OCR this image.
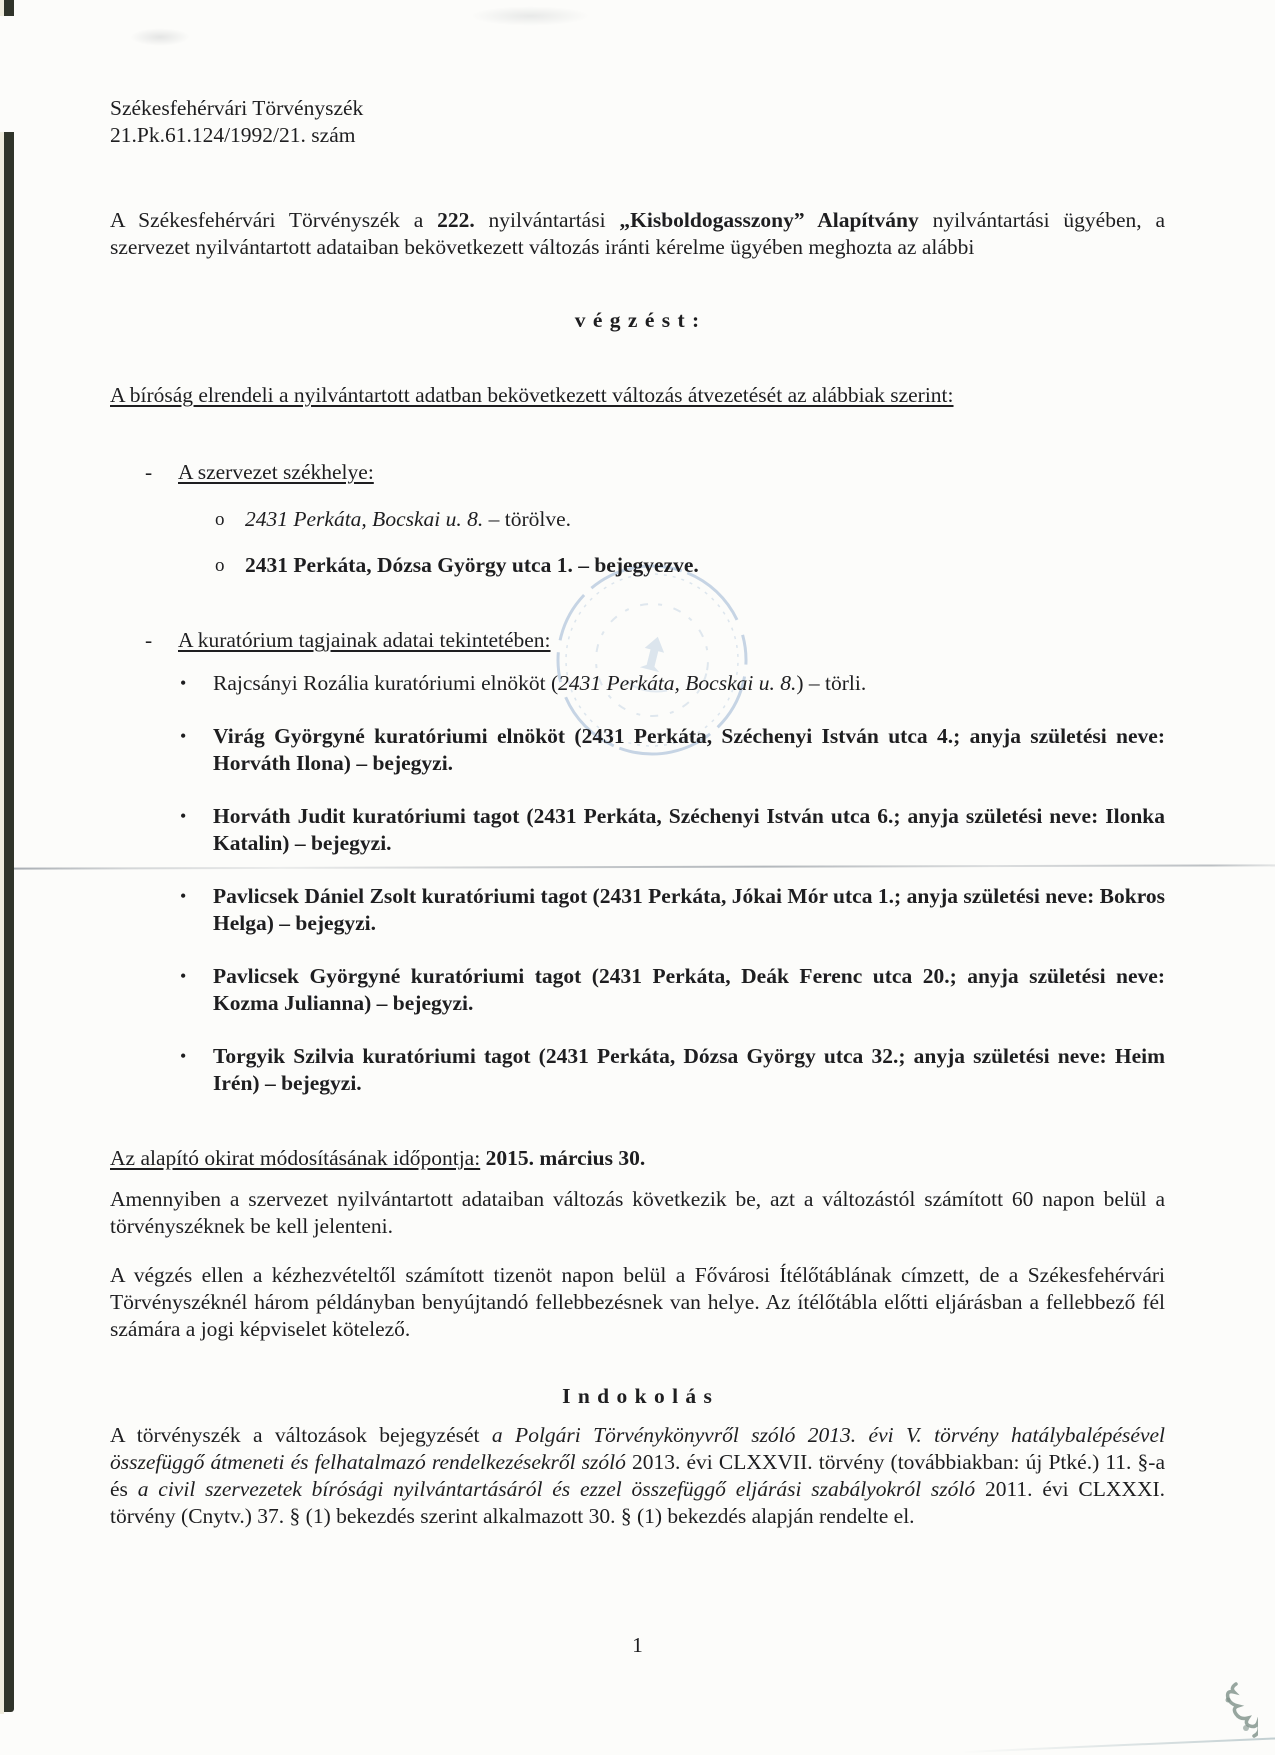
Székesfehérvári Törvényszék
21.Pk.61.124/1992/21. szám

A Székesfehérvári Törvényszék a 222. nyilvántartási „Kisboldogasszony” Alapítvány nyilvántartási ügyében, a szervezet nyilvántartott adataiban bekövetkezett változás iránti kérelme ügyében meghozta az alábbi

v é g z é s t :
A bíróság elrendeli a nyilvántartott adatban bekövetkezett változás átvezetését az alábbiak szerint:
-	A szervezet székhelye:
o 2431 Perkáta, Bocskai u. 8. – törölve.
o 2431 Perkáta, Dózsa György utca 1. – bejegyezve.
-	A kuratórium tagjainak adatai tekintetében:
•	Rajcsányi Rozália kuratóriumi elnököt (2431 Perkáta, Bocskai u. 8.) – törli.
•	Virág Györgyné kuratóriumi elnököt (2431 Perkáta, Széchenyi István utca 4.; anyja születési neve: Horváth Ilona) – bejegyzi.
•	Horváth Judit kuratóriumi tagot (2431 Perkáta, Széchenyi István utca 6.; anyja születési neve: Ilonka Katalin) – bejegyzi.
•	Pavlicsek Dániel Zsolt kuratóriumi tagot (2431 Perkáta, Jókai Mór utca 1.; anyja születési neve: Bokros Helga) – bejegyzi.
•	Pavlicsek Györgyné kuratóriumi tagot (2431 Perkáta, Deák Ferenc utca 20.; anyja születési neve: Kozma Julianna) – bejegyzi.
•	Torgyik Szilvia kuratóriumi tagot (2431 Perkáta, Dózsa György utca 32.; anyja születési neve: Heim Irén) – bejegyzi.
Az alapító okirat módosításának időpontja: 2015. március 30.

Amennyiben a szervezet nyilvántartott adataiban változás következik be, azt a változástól számított 60 napon belül a törvényszéknek be kell jelenteni.

A végzés ellen a kézhezvételtől számított tizenöt napon belül a Fővárosi Ítélőtáblának címzett, de a Székesfehérvári Törvényszéknél három példányban benyújtandó fellebbezésnek van helye. Az ítélőtábla előtti eljárásban a fellebbező fél számára a jogi képviselet kötelező.

I n d o k o l á s

A törvényszék a változások bejegyzését a Polgári Törvénykönyvről szóló 2013. évi V. törvény hatálybalépésével összefüggő átmeneti és felhatalmazó rendelkezésekről szóló 2013. évi CLXXVII. törvény (továbbiakban: új Ptké.) 11. §-a és a civil szervezetek bírósági nyilvántartásáról és ezzel összefüggő eljárási szabályokról szóló 2011. évi CLXXXI. törvény (Cnytv.) 37. § (1) bekezdés szerint alkalmazott 30. § (1) bekezdés alapján rendelte el.

1
